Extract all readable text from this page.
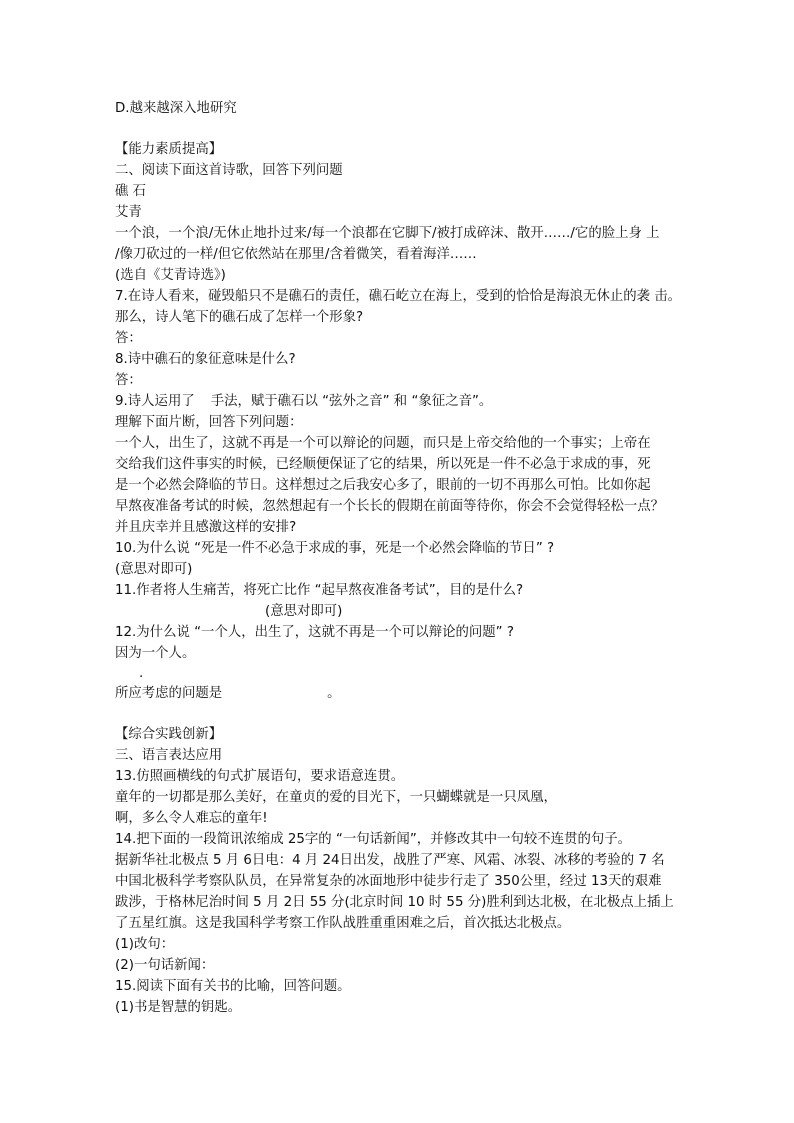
D.越来越深入地研究
【能力素质提高】
二、阅读下面这首诗歌，回答下列问题
礁 石
艾青
一个浪，一个浪/无休止地扑过来/每一个浪都在它脚下/被打成碎沫、散开……/它的脸上身 上
/像刀砍过的一样/但它依然站在那里/含着微笑，看着海洋……
(选自《艾青诗选》)
7.在诗人看来，碰毁船只不是礁石的责任，礁石屹立在海上，受到的恰恰是海浪无休止的袭 击。
那么，诗人笔下的礁石成了怎样一个形象?
答：
8.诗中礁石的象征意味是什么?
答：
9.诗人运用了 手法，赋于礁石以 “弦外之音” 和 “象征之音”。
理解下面片断，回答下列问题：
一个人，出生了，这就不再是一个可以辩论的问题，而只是上帝交给他的一个事实；上帝在
交给我们这件事实的时候，已经顺便保证了它的结果，所以死是一件不必急于求成的事，死
是一个必然会降临的节日。这样想过之后我安心多了，眼前的一切不再那么可怕。比如你起
早熬夜准备考试的时候，忽然想起有一个长长的假期在前面等待你，你会不会觉得轻松一点？
并且庆幸并且感激这样的安排?
10.为什么说 “死是一件不必急于求成的事，死是一个必然会降临的节日” ?
(意思对即可)
11.作者将人生痛苦，将死亡比作 “起早熬夜准备考试”，目的是什么?
(意思对即可)
12.为什么说 “一个人，出生了，这就不再是一个可以辩论的问题” ?
因为一个人。
.
所应考虑的问题是	。
【综合实践创新】
三、语言表达应用
13.仿照画横线的句式扩展语句，要求语意连贯。
童年的一切都是那么美好，在童贞的爱的目光下，一只蝴蝶就是一只凤凰，
啊，多么令人难忘的童年!
14.把下面的一段简讯浓缩成 25字的 “一句话新闻”，并修改其中一句较不连贯的句子。
据新华社北极点 5 月 6日电：4 月 24日出发，战胜了严寒、风霜、冰裂、冰移的考验的 7 名
中国北极科学考察队队员，在异常复杂的冰面地形中徒步行走了 350公里，经过 13天的艰难
跋涉，于格林尼治时间 5 月 2日 55 分(北京时间 10 时 55 分)胜利到达北极，在北极点上插上
了五星红旗。这是我国科学考察工作队战胜重重困难之后，首次抵达北极点。
(1)改句：
(2)一句话新闻：
15.阅读下面有关书的比喻，回答问题。
(1)书是智慧的钥匙。
